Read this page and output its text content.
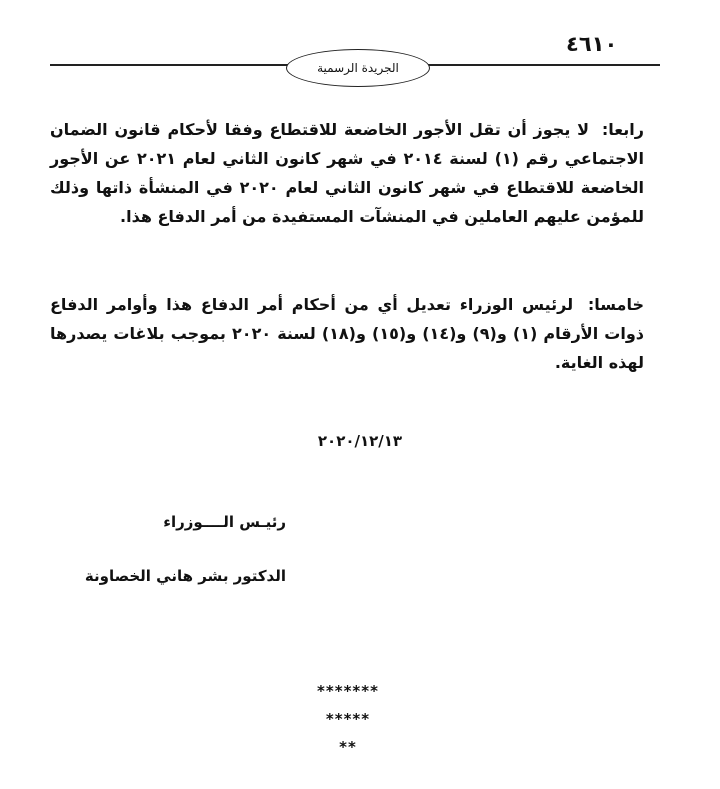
٤٦١٠
الجريدة الرسمية
رابعا: لا يجوز أن تقل الأجور الخاضعة للاقتطاع وفقا لأحكام قانون الضمان الاجتماعي رقم (١) لسنة ٢٠١٤ في شهر كانون الثاني لعام ٢٠٢١ عن الأجور الخاضعة للاقتطاع في شهر كانون الثاني لعام ٢٠٢٠ في المنشأة ذاتها وذلك للمؤمن عليهم العاملين في المنشآت المستفيدة من أمر الدفاع هذا.
خامسا: لرئيس الوزراء تعديل أي من أحكام أمر الدفاع هذا وأوامر الدفاع ذوات الأرقام (١) و(٩) و(١٤) و(١٥) و(١٨) لسنة ٢٠٢٠ بموجب بلاغات يصدرها لهذه الغاية.
٢٠٢٠/١٢/١٣
رئيـس الــــوزراء
الدكتور بشر هاني الخصاونة
*******
*****
**
